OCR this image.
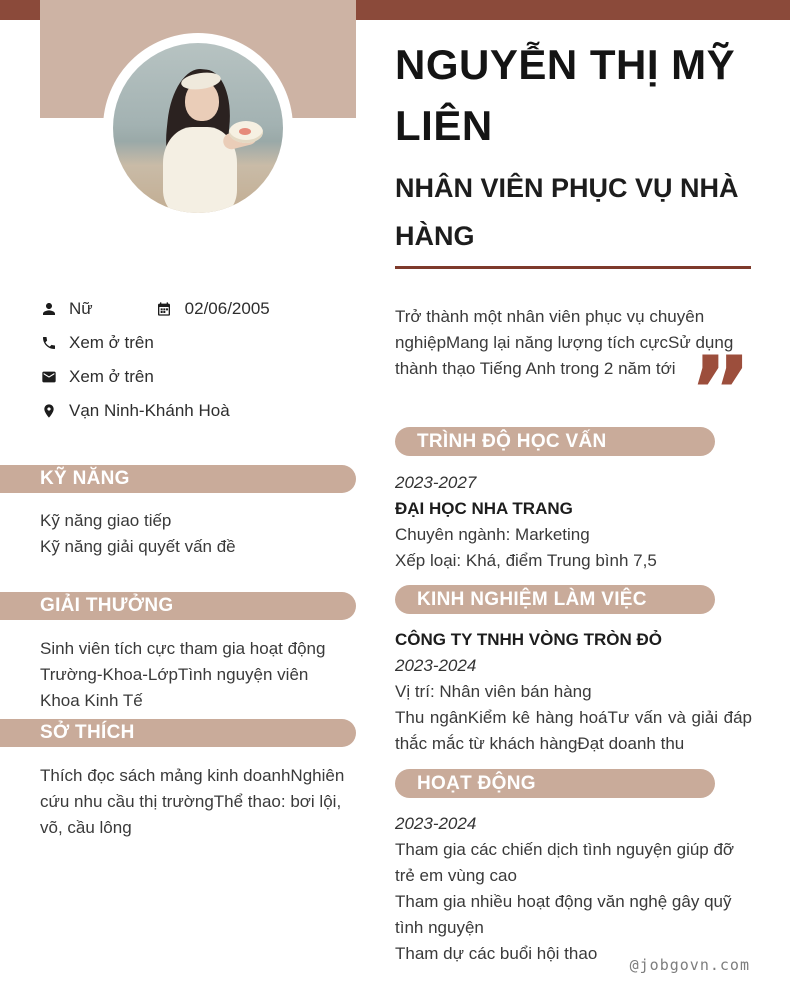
Nữ	02/06/2005
Xem ở trên
Xem ở trên
Vạn Ninh-Khánh Hoà
KỸ NĂNG
Kỹ năng giao tiếp
Kỹ năng giải quyết vấn đề
GIẢI THƯỞNG
Sinh viên tích cực tham gia hoạt động Trường-Khoa-LớpTình nguyện viên Khoa Kinh Tế
SỞ THÍCH
Thích đọc sách mảng kinh doanhNghiên cứu nhu cầu thị trườngThể thao: bơi lội, võ, cầu lông
NGUYỄN THỊ MỸ LIÊN
NHÂN VIÊN PHỤC VỤ NHÀ HÀNG
Trở thành một nhân viên phục vụ chuyên nghiệpMang lại năng lượng tích cựcSử dụng thành thạo Tiếng Anh trong 2 năm tới ”
TRÌNH ĐỘ HỌC VẤN
2023-2027
ĐẠI HỌC NHA TRANG
Chuyên ngành: Marketing
Xếp loại: Khá, điểm Trung bình 7,5
KINH NGHIỆM LÀM VIỆC
CÔNG TY TNHH VÒNG TRÒN ĐỎ
2023-2024
Vị trí: Nhân viên bán hàng
Thu ngânKiểm kê hàng hoáTư vấn và giải đáp thắc mắc từ khách hàngĐạt doanh thu
HOẠT ĐỘNG
2023-2024
Tham gia các chiến dịch tình nguyện giúp đỡ trẻ em vùng cao
Tham gia nhiều hoạt động văn nghệ gây quỹ tình nguyện
Tham dự các buổi hội thao
@jobgovn.com
